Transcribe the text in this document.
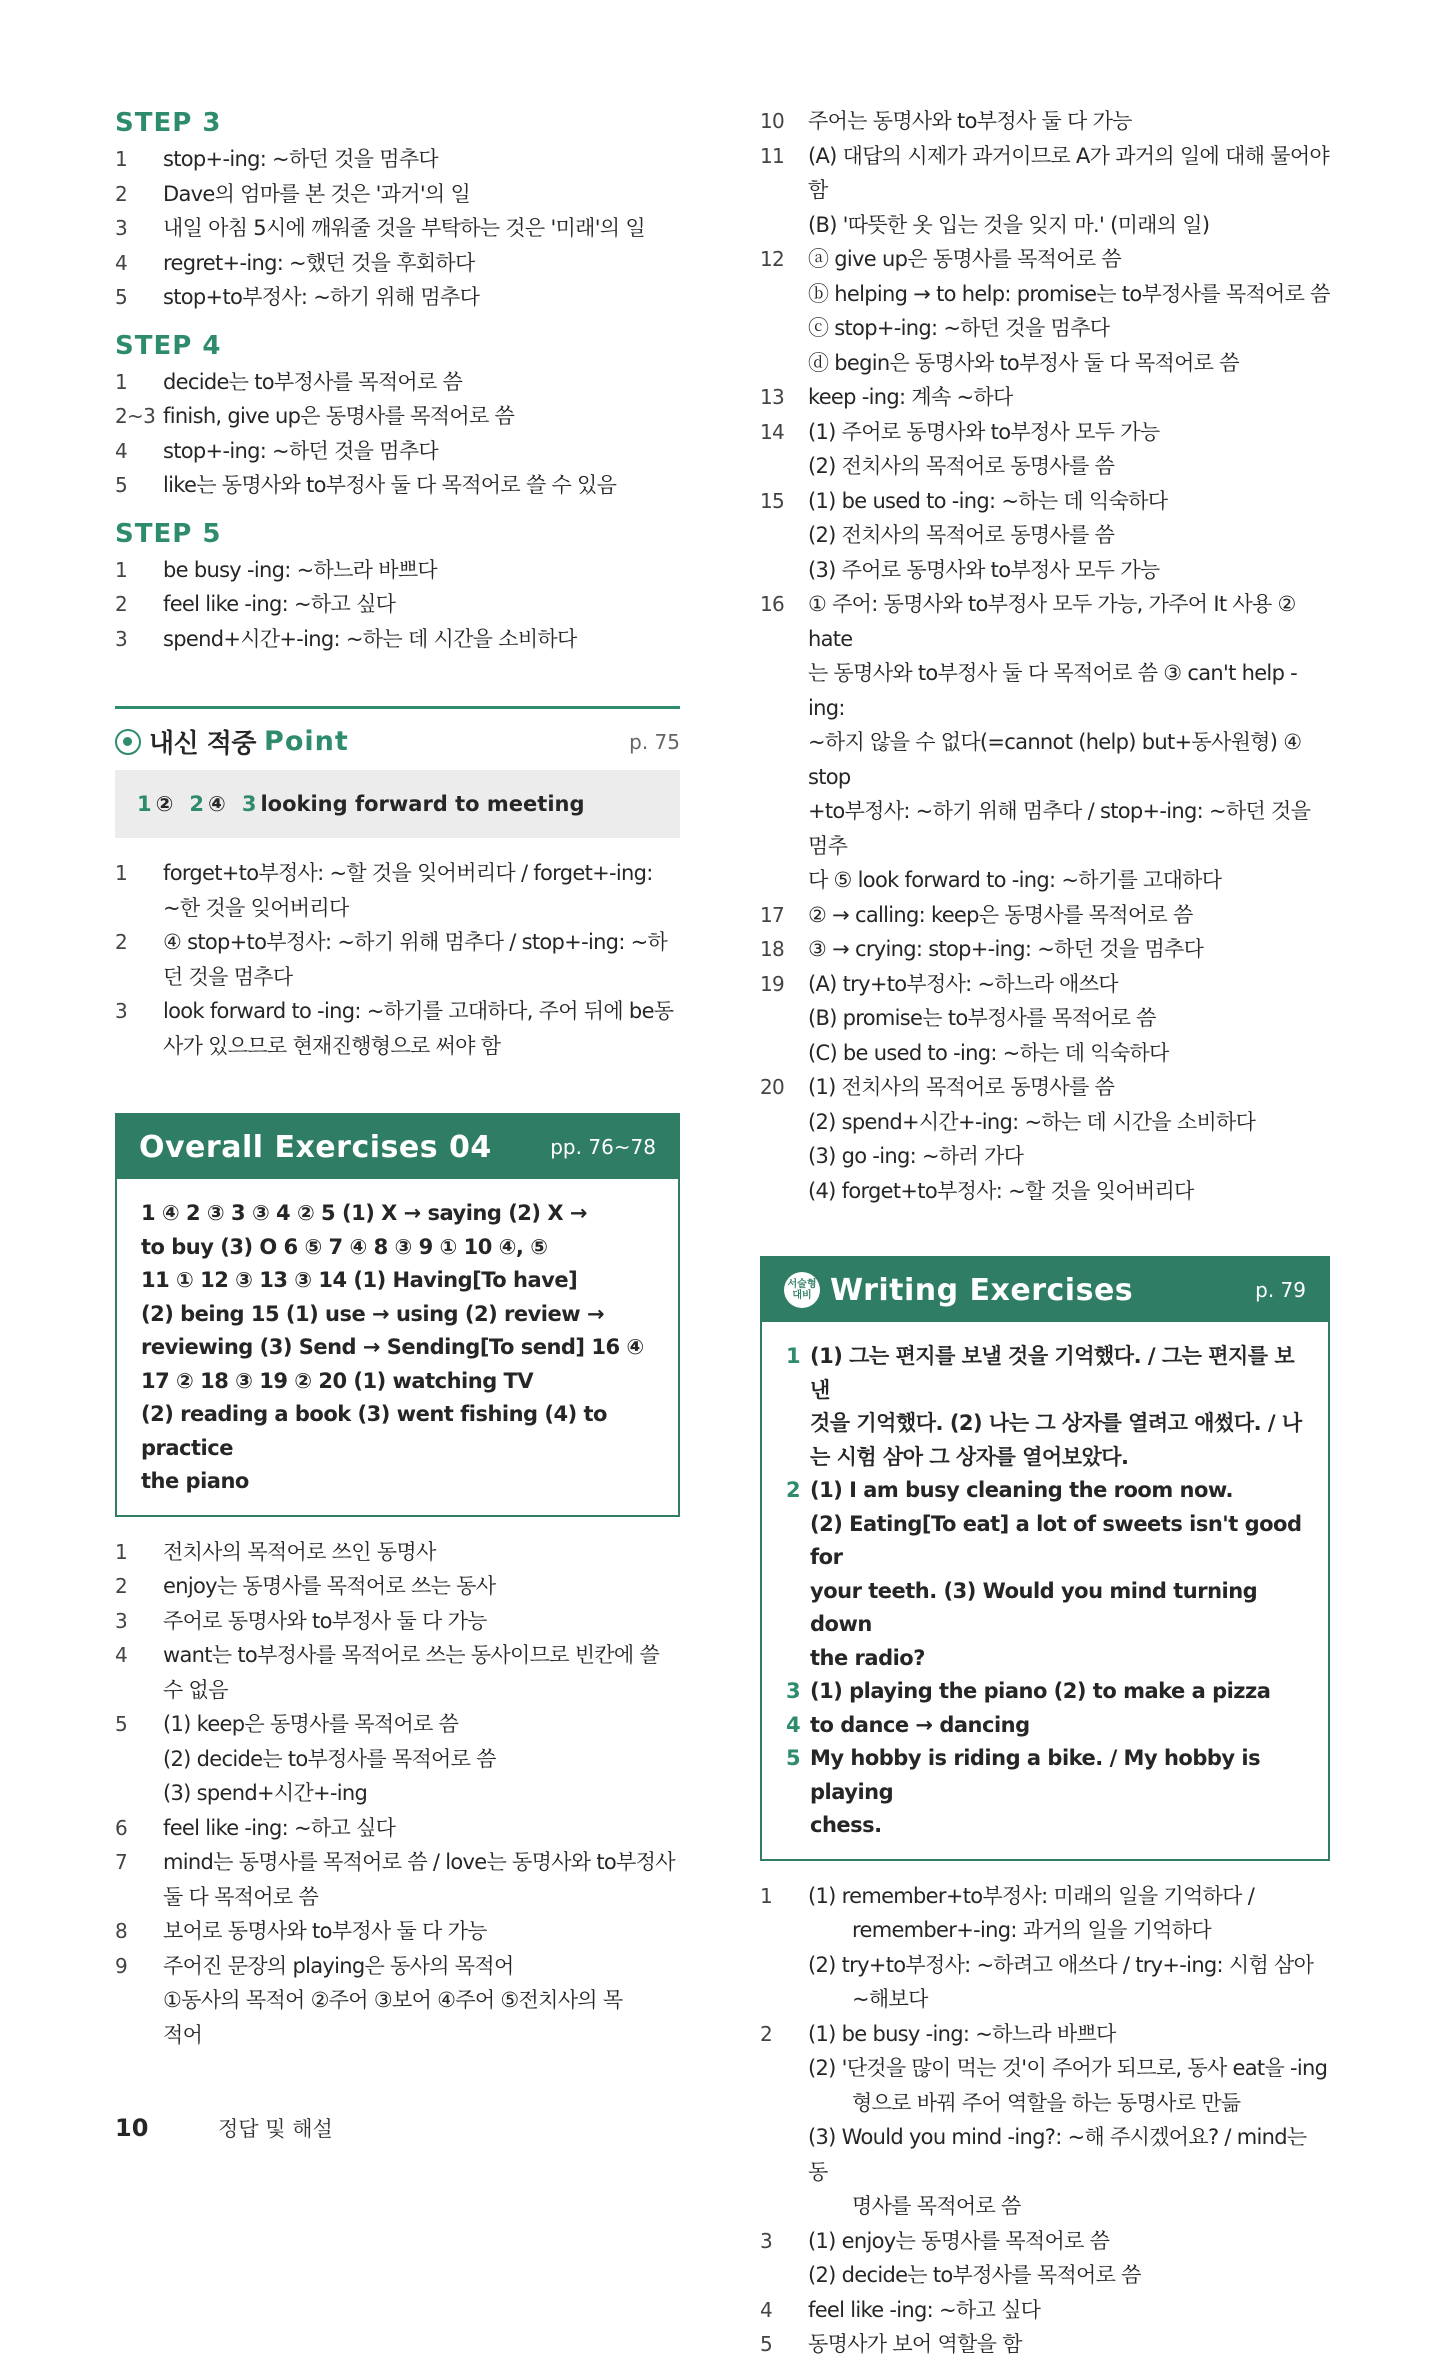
STEP 3
1	stop+-ing: ~하던 것을 멈추다
2	Dave의 엄마를 본 것은 '과거'의 일
3	내일 아침 5시에 깨워줄 것을 부탁하는 것은 '미래'의 일
4	regret+-ing: ~했던 것을 후회하다
5	stop+to부정사: ~하기 위해 멈추다
STEP 4
1	decide는 to부정사를 목적어로 씀
2~3 finish, give up은 동명사를 목적어로 씀
4	stop+-ing: ~하던 것을 멈추다
5	like는 동명사와 to부정사 둘 다 목적어로 쓸 수 있음
STEP 5
1	be busy -ing: ~하느라 바쁘다
2	feel like -ing: ~하고 싶다
3	spend+시간+-ing: ~하는 데 시간을 소비하다
내신 적중 Point	p. 75
1 ② 2 ④ 3 looking forward to meeting
1	forget+to부정사: ~할 것을 잊어버리다 / forget+-ing:
~한 것을 잊어버리다
2	④ stop+to부정사: ~하기 위해 멈추다 / stop+-ing: ~하
던 것을 멈추다
3	look forward to -ing: ~하기를 고대하다, 주어 뒤에 be동
사가 있으므로 현재진행형으로 써야 함
Overall Exercises 04	pp. 76~78
1 ④ 2 ③ 3 ③ 4 ② 5 (1) X → saying (2) X →
to buy (3) O 6 ⑤ 7 ④ 8 ③ 9 ① 10 ④, ⑤
11 ① 12 ③ 13 ③ 14 (1) Having[To have]
(2) being 15 (1) use → using (2) review →
reviewing (3) Send → Sending[To send] 16 ④
17 ② 18 ③ 19 ② 20 (1) watching TV
(2) reading a book (3) went fishing (4) to practice
the piano
1	전치사의 목적어로 쓰인 동명사
2	enjoy는 동명사를 목적어로 쓰는 동사
3	주어로 동명사와 to부정사 둘 다 가능
4	want는 to부정사를 목적어로 쓰는 동사이므로 빈칸에 쓸
수 없음
5	(1) keep은 동명사를 목적어로 씀
(2) decide는 to부정사를 목적어로 씀
(3) spend+시간+-ing
6	feel like -ing: ~하고 싶다
7	mind는 동명사를 목적어로 씀 / love는 동명사와 to부정사
둘 다 목적어로 씀
8	보어로 동명사와 to부정사 둘 다 가능
9	주어진 문장의 playing은 동사의 목적어
①동사의 목적어 ②주어 ③보어 ④주어 ⑤전치사의 목
적어
10	주어는 동명사와 to부정사 둘 다 가능
11	(A) 대답의 시제가 과거이므로 A가 과거의 일에 대해 물어야 함
(B) '따뜻한 옷 입는 것을 잊지 마.' (미래의 일)
12	ⓐ give up은 동명사를 목적어로 씀
ⓑ helping → to help: promise는 to부정사를 목적어로 씀
ⓒ stop+-ing: ~하던 것을 멈추다
ⓓ begin은 동명사와 to부정사 둘 다 목적어로 씀
13	keep -ing: 계속 ~하다
14	(1) 주어로 동명사와 to부정사 모두 가능
(2) 전치사의 목적어로 동명사를 씀
15	(1) be used to -ing: ~하는 데 익숙하다
(2) 전치사의 목적어로 동명사를 씀
(3) 주어로 동명사와 to부정사 모두 가능
16	① 주어: 동명사와 to부정사 모두 가능, 가주어 It 사용 ② hate
는 동명사와 to부정사 둘 다 목적어로 씀 ③ can't help -ing:
~하지 않을 수 없다(=cannot (help) but+동사원형) ④ stop
+to부정사: ~하기 위해 멈추다 / stop+-ing: ~하던 것을 멈추
다 ⑤ look forward to -ing: ~하기를 고대하다
17	② → calling: keep은 동명사를 목적어로 씀
18	③ → crying: stop+-ing: ~하던 것을 멈추다
19	(A) try+to부정사: ~하느라 애쓰다
(B) promise는 to부정사를 목적어로 씀
(C) be used to -ing: ~하는 데 익숙하다
20	(1) 전치사의 목적어로 동명사를 씀
(2) spend+시간+-ing: ~하는 데 시간을 소비하다
(3) go -ing: ~하러 가다
(4) forget+to부정사: ~할 것을 잊어버리다
서술형 대비 Writing Exercises	p. 79
1 (1) 그는 편지를 보낼 것을 기억했다. / 그는 편지를 보낸
것을 기억했다. (2) 나는 그 상자를 열려고 애썼다. / 나
는 시험 삼아 그 상자를 열어보았다.
2 (1) I am busy cleaning the room now.
(2) Eating[To eat] a lot of sweets isn't good for
your teeth. (3) Would you mind turning down
the radio?
3 (1) playing the piano (2) to make a pizza
4 to dance → dancing
5 My hobby is riding a bike. / My hobby is playing
chess.
1	(1) remember+to부정사: 미래의 일을 기억하다 /
remember+-ing: 과거의 일을 기억하다
(2) try+to부정사: ~하려고 애쓰다 / try+-ing: 시험 삼아
~해보다
2	(1) be busy -ing: ~하느라 바쁘다
(2) '단것을 많이 먹는 것'이 주어가 되므로, 동사 eat을 -ing
형으로 바꿔 주어 역할을 하는 동명사로 만듦
(3) Would you mind -ing?: ~해 주시겠어요? / mind는 동
명사를 목적어로 씀
3	(1) enjoy는 동명사를 목적어로 씀
(2) decide는 to부정사를 목적어로 씀
4	feel like -ing: ~하고 싶다
5	동명사가 보어 역할을 함
10	정답 및 해설
